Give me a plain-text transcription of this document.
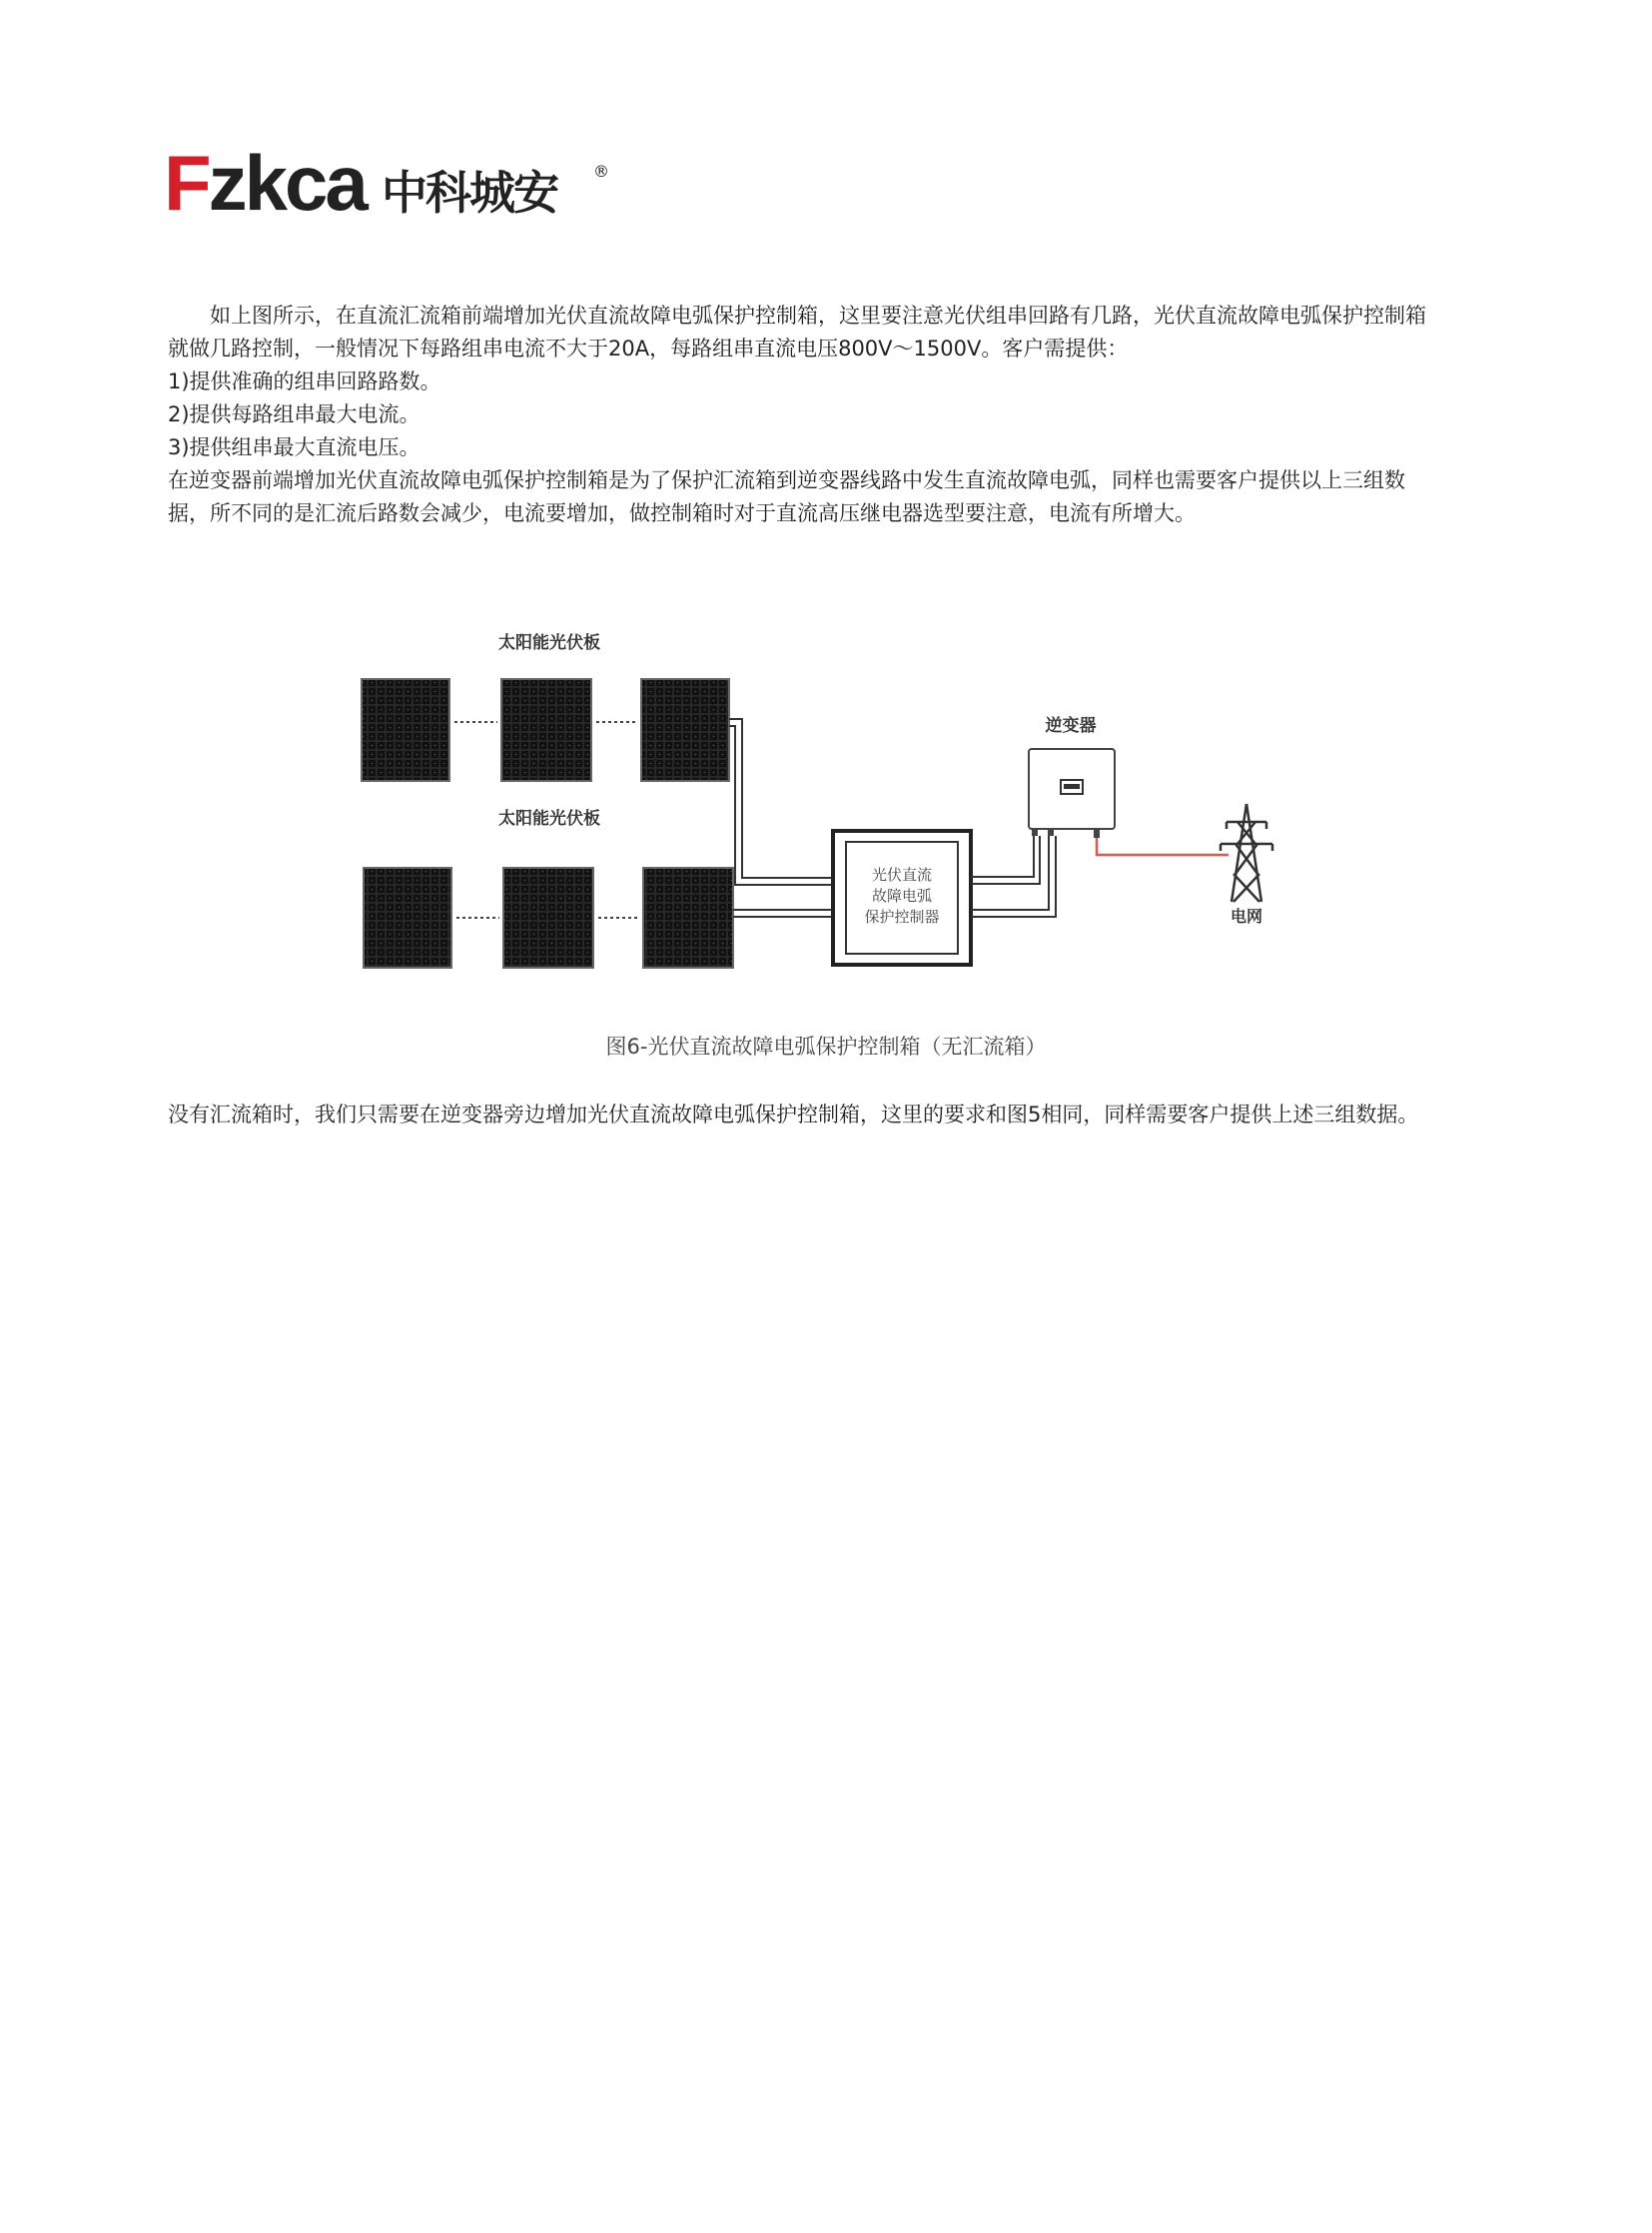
Fzkca 中科城安 ®

如上图所示，在直流汇流箱前端增加光伏直流故障电弧保护控制箱，这里要注意光伏组串回路有几路，光伏直流故障电弧保护控制箱

就做几路控制，一般情况下每路组串电流不大于20A，每路组串直流电压800V～1500V。客户需提供：

1)提供准确的组串回路路数。

2)提供每路组串最大电流。

3)提供组串最大直流电压。

在逆变器前端增加光伏直流故障电弧保护控制箱是为了保护汇流箱到逆变器线路中发生直流故障电弧，同样也需要客户提供以上三组数

据，所不同的是汇流后路数会减少，电流要增加，做控制箱时对于直流高压继电器选型要注意，电流有所增大。

太阳能光伏板
太阳能光伏板
光伏直流
故障电弧
保护控制器
逆变器
电网
图6-光伏直流故障电弧保护控制箱（无汇流箱）

没有汇流箱时，我们只需要在逆变器旁边增加光伏直流故障电弧保护控制箱，这里的要求和图5相同，同样需要客户提供上述三组数据。
